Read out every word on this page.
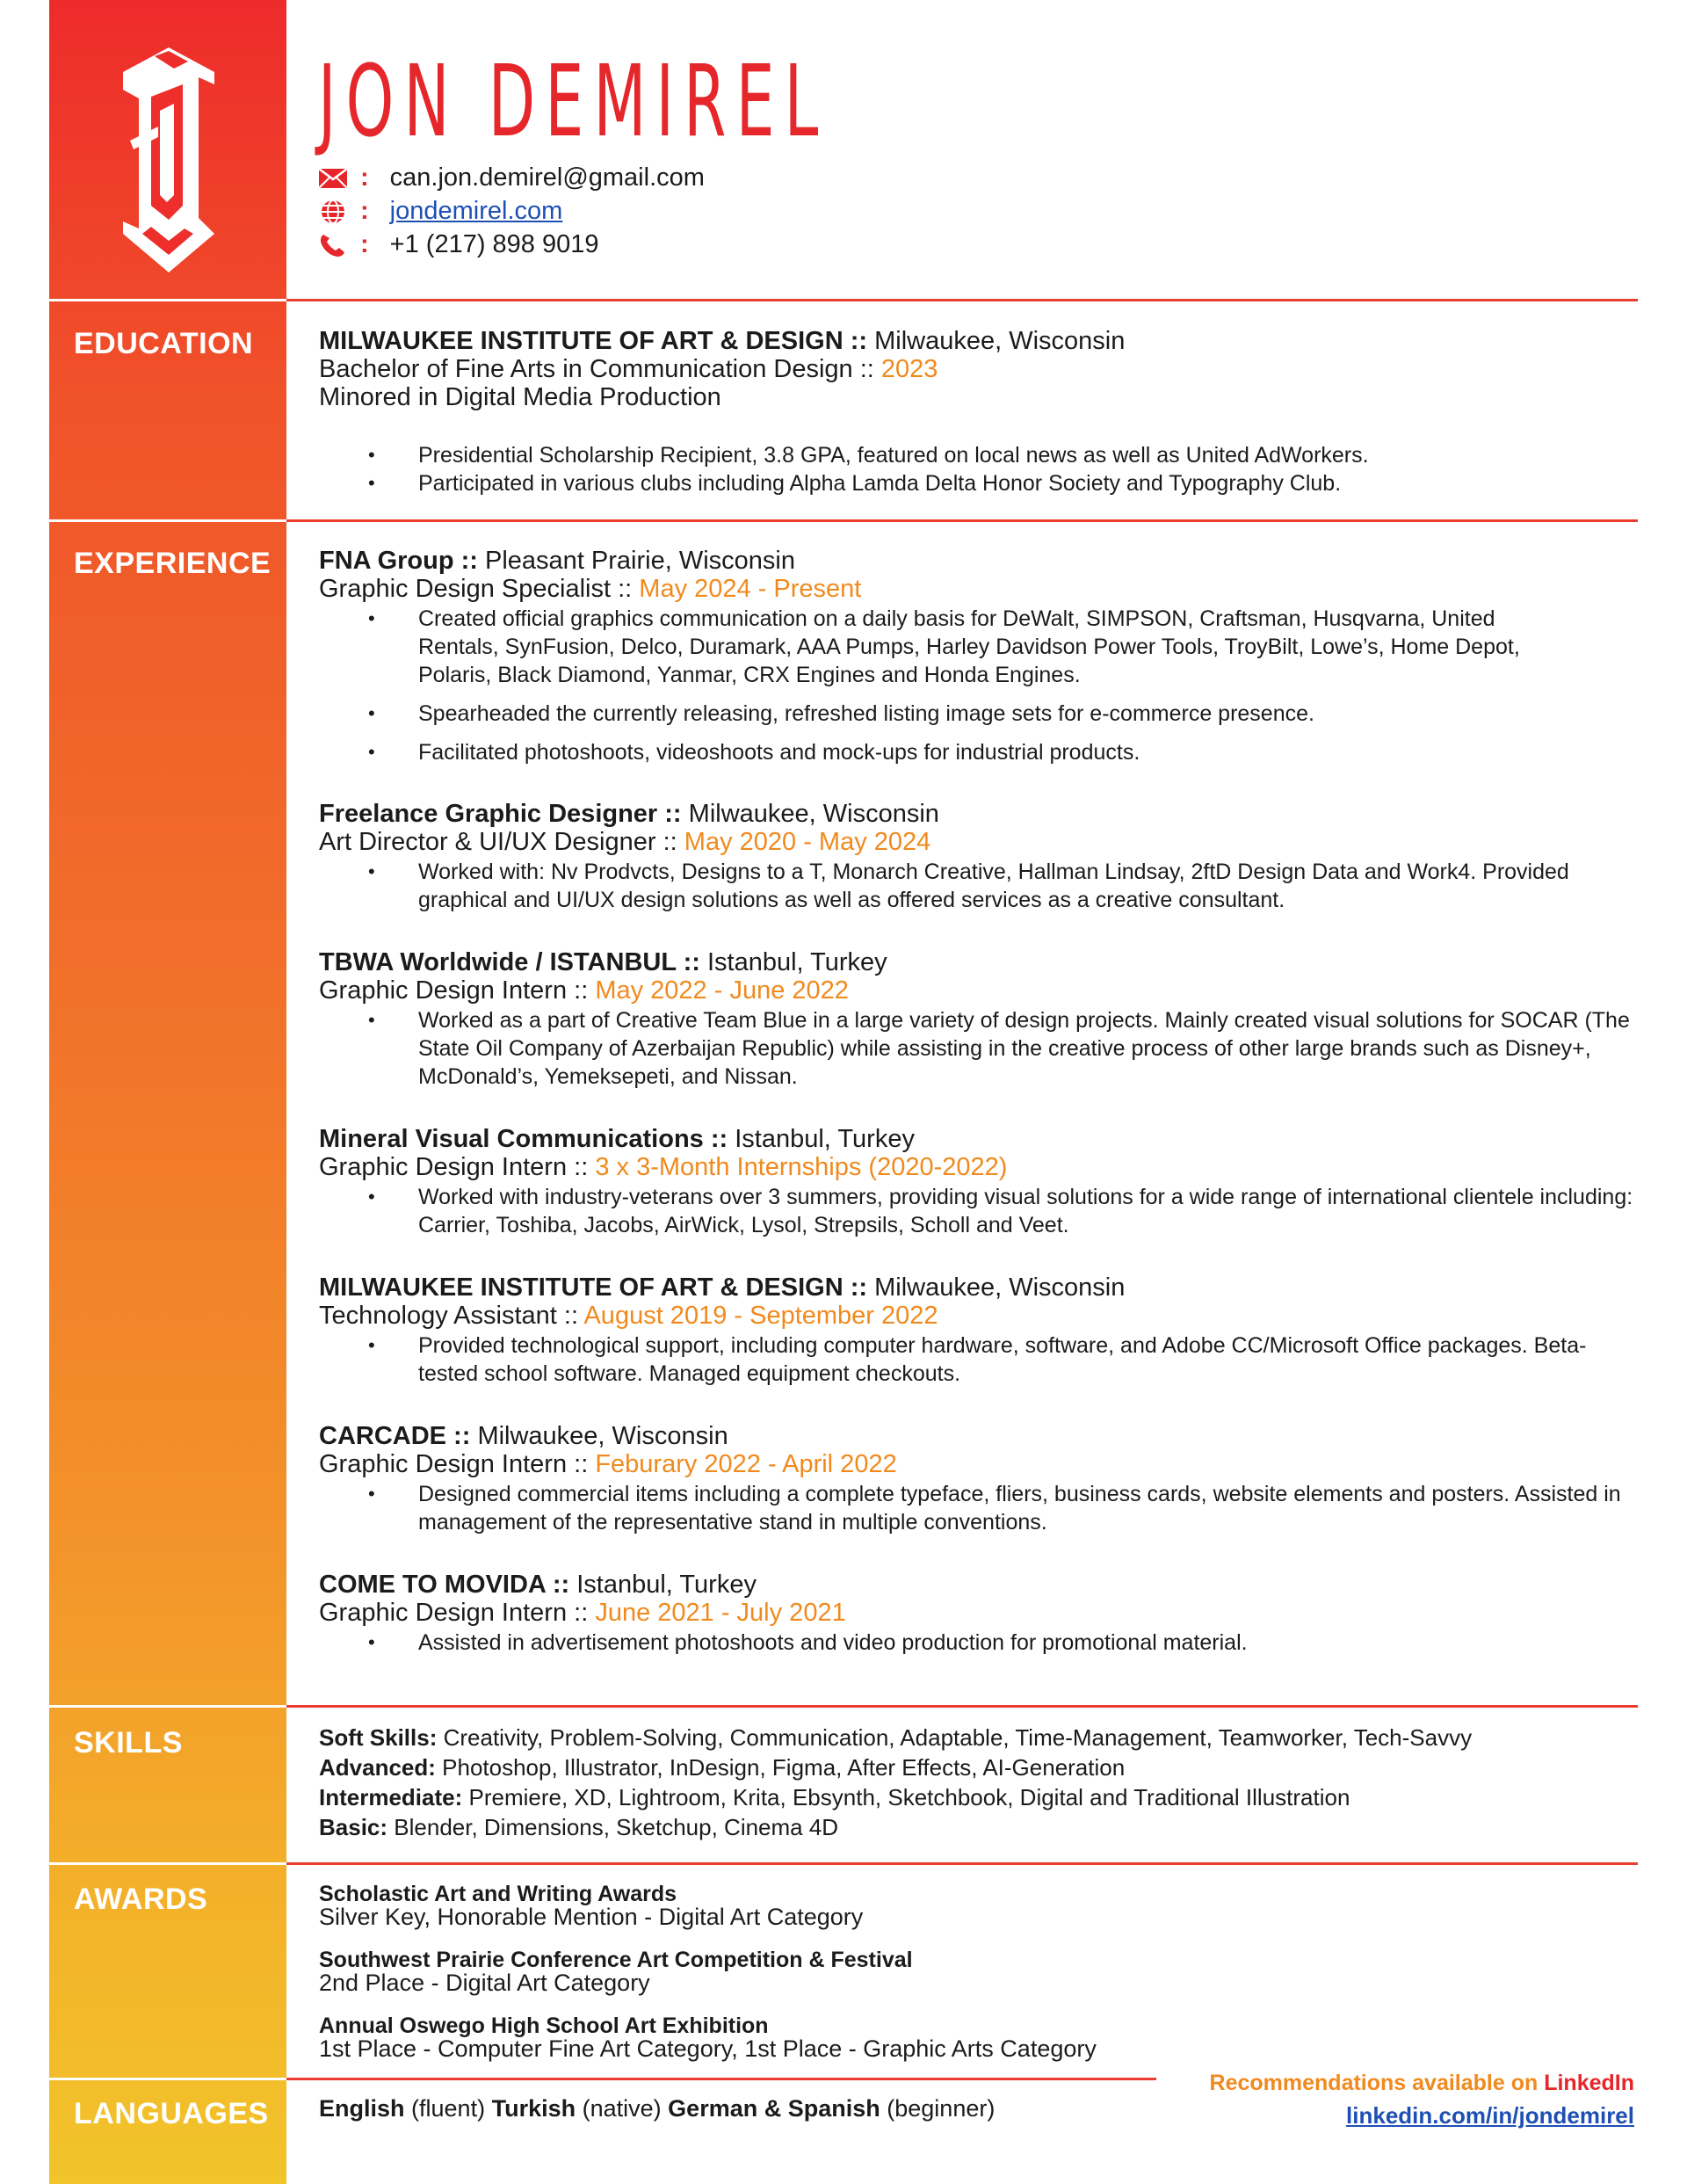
JON DEMIREL
: can.jon.demirel@gmail.com
: jondemirel.com
: +1 (217) 898 9019
EDUCATION
EXPERIENCE
SKILLS
AWARDS
LANGUAGES
MILWAUKEE INSTITUTE OF ART & DESIGN :: Milwaukee, Wisconsin
Bachelor of Fine Arts in Communication Design :: 2023
Minored in Digital Media Production
• Presidential Scholarship Recipient, 3.8 GPA, featured on local news as well as United AdWorkers.
• Participated in various clubs including Alpha Lamda Delta Honor Society and Typography Club.
FNA Group :: Pleasant Prairie, Wisconsin
Graphic Design Specialist :: May 2024 - Present
• Created official graphics communication on a daily basis for DeWalt, SIMPSON, Craftsman, Husqvarna, United Rentals, SynFusion, Delco, Duramark, AAA Pumps, Harley Davidson Power Tools, TroyBilt, Lowe’s, Home Depot, Polaris, Black Diamond, Yanmar, CRX Engines and Honda Engines.
• Spearheaded the currently releasing, refreshed listing image sets for e-commerce presence.
• Facilitated photoshoots, videoshoots and mock-ups for industrial products.
Freelance Graphic Designer :: Milwaukee, Wisconsin
Art Director & UI/UX Designer :: May 2020 - May 2024
• Worked with: Nv Prodvcts, Designs to a T, Monarch Creative, Hallman Lindsay, 2ftD Design Data and Work4. Provided graphical and UI/UX design solutions as well as offered services as a creative consultant.
TBWA Worldwide / ISTANBUL :: Istanbul, Turkey
Graphic Design Intern :: May 2022 - June 2022
• Worked as a part of Creative Team Blue in a large variety of design projects. Mainly created visual solutions for SOCAR (The State Oil Company of Azerbaijan Republic) while assisting in the creative process of other large brands such as Disney+, McDonald’s, Yemeksepeti, and Nissan.
Mineral Visual Communications :: Istanbul, Turkey
Graphic Design Intern :: 3 x 3-Month Internships (2020-2022)
• Worked with industry-veterans over 3 summers, providing visual solutions for a wide range of international clientele including: Carrier, Toshiba, Jacobs, AirWick, Lysol, Strepsils, Scholl and Veet.
MILWAUKEE INSTITUTE OF ART & DESIGN :: Milwaukee, Wisconsin
Technology Assistant :: August 2019 - September 2022
• Provided technological support, including computer hardware, software, and Adobe CC/Microsoft Office packages. Beta-tested school software. Managed equipment checkouts.
CARCADE :: Milwaukee, Wisconsin
Graphic Design Intern :: Feburary 2022 - April 2022
• Designed commercial items including a complete typeface, fliers, business cards, website elements and posters. Assisted in management of the representative stand in multiple conventions.
COME TO MOVIDA :: Istanbul, Turkey
Graphic Design Intern :: June 2021 - July 2021
• Assisted in advertisement photoshoots and video production for promotional material.
Soft Skills: Creativity, Problem-Solving, Communication, Adaptable, Time-Management, Teamworker, Tech-Savvy
Advanced: Photoshop, Illustrator, InDesign, Figma, After Effects, AI-Generation
Intermediate: Premiere, XD, Lightroom, Krita, Ebsynth, Sketchbook, Digital and Traditional Illustration
Basic: Blender, Dimensions, Sketchup, Cinema 4D
Scholastic Art and Writing Awards
Silver Key, Honorable Mention - Digital Art Category
Southwest Prairie Conference Art Competition & Festival
2nd Place - Digital Art Category
Annual Oswego High School Art Exhibition
1st Place - Computer Fine Art Category, 1st Place - Graphic Arts Category
English (fluent) Turkish (native) German & Spanish (beginner)
Recommendations available on LinkedIn
linkedin.com/in/jondemirel
